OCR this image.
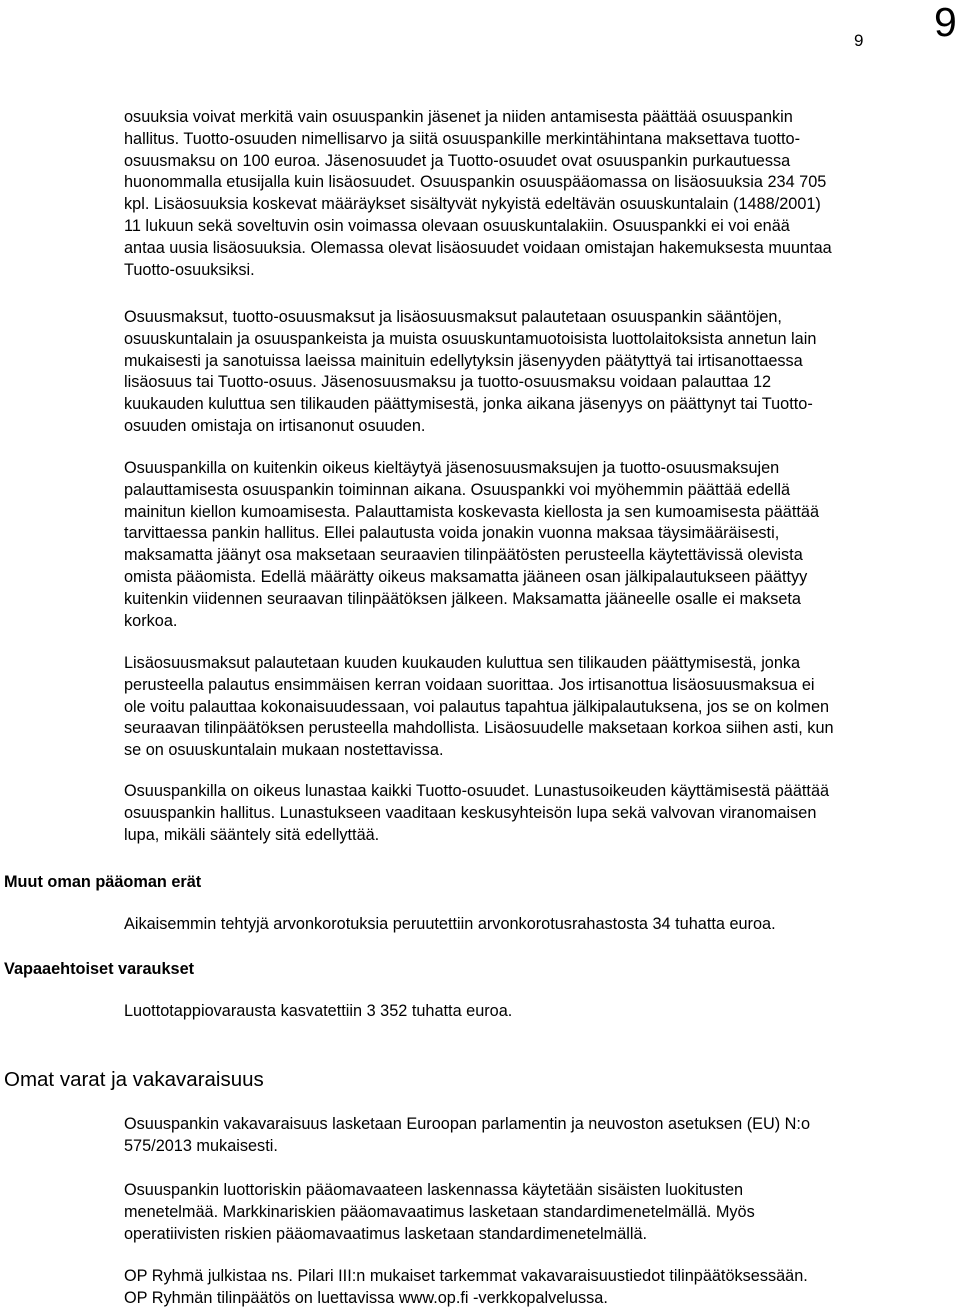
9 9
osuuksia voivat merkitä vain osuuspankin jäsenet ja niiden antamisesta päättää osuuspankin
hallitus. Tuotto-osuuden nimellisarvo ja siitä osuuspankille merkintähintana maksettava tuotto-
osuusmaksu on 100 euroa. Jäsenosuudet ja Tuotto-osuudet ovat osuuspankin purkautuessa
huonommalla etusijalla kuin lisäosuudet. Osuuspankin osuuspääomassa on lisäosuuksia 234 705
kpl. Lisäosuuksia koskevat määräykset sisältyvät nykyistä edeltävän osuuskuntalain (1488/2001)
11 lukuun sekä soveltuvin osin voimassa olevaan osuuskuntalakiin. Osuuspankki ei voi enää
antaa uusia lisäosuuksia. Olemassa olevat lisäosuudet voidaan omistajan hakemuksesta muuntaa
Tuotto-osuuksiksi.
Osuusmaksut, tuotto-osuusmaksut ja lisäosuusmaksut palautetaan osuuspankin sääntöjen,
osuuskuntalain ja osuuspankeista ja muista osuuskuntamuotoisista luottolaitoksista annetun lain
mukaisesti ja sanotuissa laeissa mainituin edellytyksin jäsenyyden päätyttyä tai irtisanottaessa
lisäosuus tai Tuotto-osuus. Jäsenosuusmaksu ja tuotto-osuusmaksu voidaan palauttaa 12
kuukauden kuluttua sen tilikauden päättymisestä, jonka aikana jäsenyys on päättynyt tai Tuotto-
osuuden omistaja on irtisanonut osuuden.
Osuuspankilla on kuitenkin oikeus kieltäytyä jäsenosuusmaksujen ja tuotto-osuusmaksujen
palauttamisesta osuuspankin toiminnan aikana. Osuuspankki voi myöhemmin päättää edellä
mainitun kiellon kumoamisesta. Palauttamista koskevasta kiellosta ja sen kumoamisesta päättää
tarvittaessa pankin hallitus. Ellei palautusta voida jonakin vuonna maksaa täysimääräisesti,
maksamatta jäänyt osa maksetaan seuraavien tilinpäätösten perusteella käytettävissä olevista
omista pääomista. Edellä määrätty oikeus maksamatta jääneen osan jälkipalautukseen päättyy
kuitenkin viidennen seuraavan tilinpäätöksen jälkeen. Maksamatta jääneelle osalle ei makseta
korkoa.
Lisäosuusmaksut palautetaan kuuden kuukauden kuluttua sen tilikauden päättymisestä, jonka
perusteella palautus ensimmäisen kerran voidaan suorittaa. Jos irtisanottua lisäosuusmaksua ei
ole voitu palauttaa kokonaisuudessaan, voi palautus tapahtua jälkipalautuksena, jos se on kolmen
seuraavan tilinpäätöksen perusteella mahdollista. Lisäosuudelle maksetaan korkoa siihen asti, kun
se on osuuskuntalain mukaan nostettavissa.
Osuuspankilla on oikeus lunastaa kaikki Tuotto-osuudet. Lunastusoikeuden käyttämisestä päättää
osuuspankin hallitus. Lunastukseen vaaditaan keskusyhteisön lupa sekä valvovan viranomaisen
lupa, mikäli sääntely sitä edellyttää.
Muut oman pääoman erät
Aikaisemmin tehtyjä arvonkorotuksia peruutettiin arvonkorotusrahastosta 34 tuhatta euroa.
Vapaaehtoiset varaukset
Luottotappiovarausta kasvatettiin 3 352 tuhatta euroa.
Omat varat ja vakavaraisuus
Osuuspankin vakavaraisuus lasketaan Euroopan parlamentin ja neuvoston asetuksen (EU) N:o
575/2013 mukaisesti.
Osuuspankin luottoriskin pääomavaateen laskennassa käytetään sisäisten luokitusten
menetelmää. Markkinariskien pääomavaatimus lasketaan standardimenetelmällä. Myös
operatiivisten riskien pääomavaatimus lasketaan standardimenetelmällä.
OP Ryhmä julkistaa ns. Pilari III:n mukaiset tarkemmat vakavaraisuustiedot tilinpäätöksessään.
OP Ryhmän tilinpäätös on luettavissa www.op.fi -verkkopalvelussa.
